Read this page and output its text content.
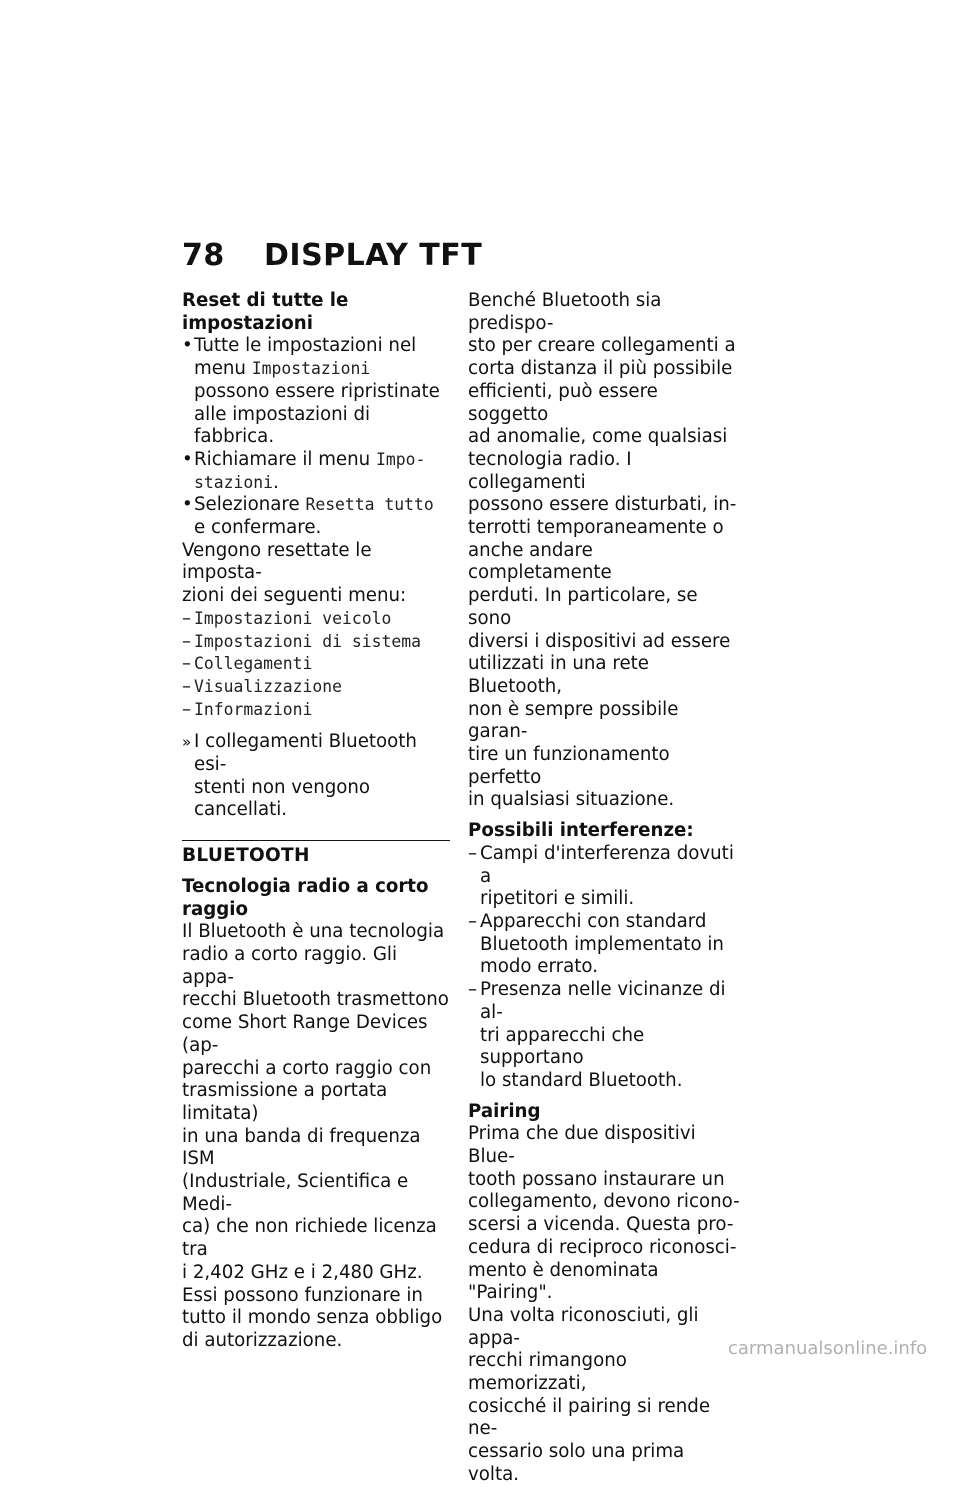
78 DISPLAY TFT

Reset di tutte le impostazioni

• Tutte le impostazioni nel
menu Impostazioni
possono essere ripristinate
alle impostazioni di fabbrica.
• Richiamare il menu Impo-
stazioni.
• Selezionare Resetta tutto
e confermare.

Vengono resettate le imposta-
zioni dei seguenti menu:

– Impostazioni veicolo
– Impostazioni di sistema
– Collegamenti
– Visualizzazione
– Informazioni
» I collegamenti Bluetooth esi-
stenti non vengono cancellati.

BLUETOOTH

Tecnologia radio a corto
raggio

Il Bluetooth è una tecnologia
radio a corto raggio. Gli appa-
recchi Bluetooth trasmettono
come Short Range Devices (ap-
parecchi a corto raggio con
trasmissione a portata limitata)
in una banda di frequenza ISM
(Industriale, Scientifica e Medi-
ca) che non richiede licenza tra
i 2,402 GHz e i 2,480 GHz.
Essi possono funzionare in
tutto il mondo senza obbligo
di autorizzazione.
Benché Bluetooth sia predispo-
sto per creare collegamenti a
corta distanza il più possibile
efficienti, può essere soggetto
ad anomalie, come qualsiasi
tecnologia radio. I collegamenti
possono essere disturbati, in-
terrotti temporaneamente o
anche andare completamente
perduti. In particolare, se sono
diversi i dispositivi ad essere
utilizzati in una rete Bluetooth,
non è sempre possibile garan-
tire un funzionamento perfetto
in qualsiasi situazione.

Possibili interferenze:

– Campi d'interferenza dovuti a
ripetitori e simili.
– Apparecchi con standard
Bluetooth implementato in
modo errato.
– Presenza nelle vicinanze di al-
tri apparecchi che supportano
lo standard Bluetooth.

Pairing

Prima che due dispositivi Blue-
tooth possano instaurare un
collegamento, devono ricono-
scersi a vicenda. Questa pro-
cedura di reciproco riconosci-
mento è denominata "Pairing".
Una volta riconosciuti, gli appa-
recchi rimangono memorizzati,
cosicché il pairing si rende ne-
cessario solo una prima volta.
carmanualsonline.info
